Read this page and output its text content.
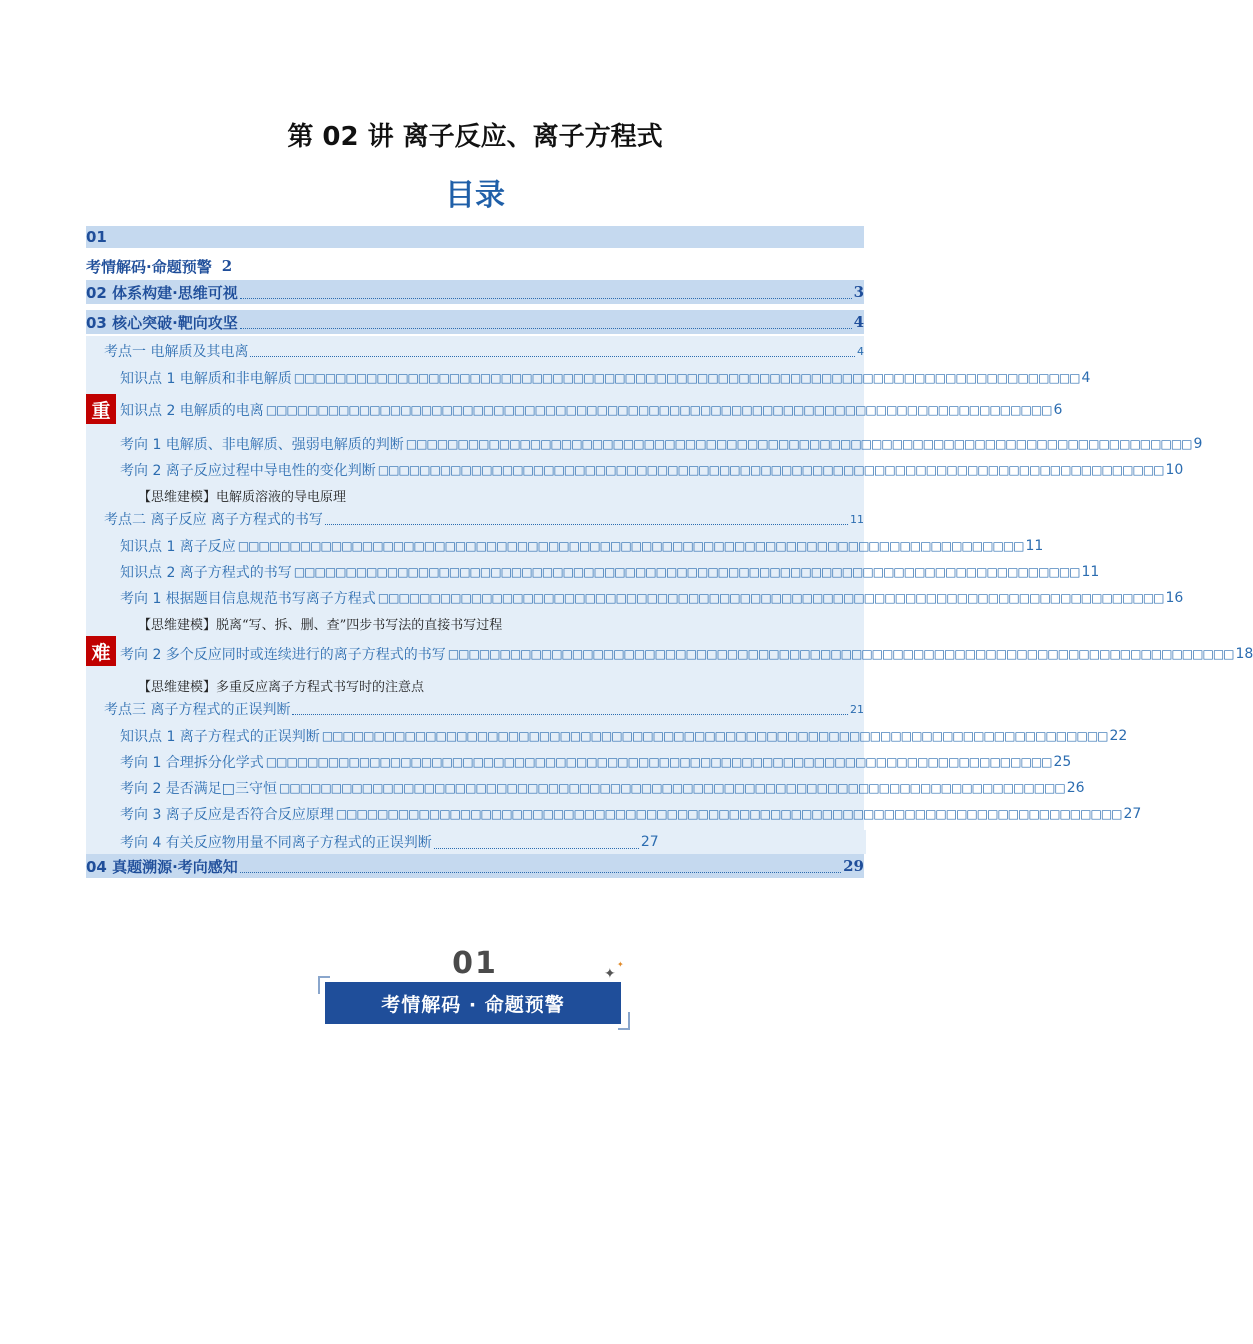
第 02 讲 离子反应、离子方程式
目录
01
考情解码·命题预警 2
02 体系构建·思维可视	3
03 核心突破·靶向攻坚	4
考点一 电解质及其电离	4
知识点 1 电解质和非电解质 □□□□□□□□□□□□□□□□□□□□□□□□□□□□□□□□□□□□□□□□□□□□□□□□□□□□□□□□□□□□□□□□□□□□□□□□□□□□ 4
知识点 2 电解质的电离 □□□□□□□□□□□□□□□□□□□□□□□□□□□□□□□□□□□□□□□□□□□□□□□□□□□□□□□□□□□□□□□□□□□□□□□□□□□□ 6
考向 1 电解质、非电解质、强弱电解质的判断 □□□□□□□□□□□□□□□□□□□□□□□□□□□□□□□□□□□□□□□□□□□□□□□□□□□□□□□□□□□□□□□□□□□□□□□□□□□□ 9
考向 2 离子反应过程中导电性的变化判断 □□□□□□□□□□□□□□□□□□□□□□□□□□□□□□□□□□□□□□□□□□□□□□□□□□□□□□□□□□□□□□□□□□□□□□□□□□□□ 10
【思维建模】电解质溶液的导电原理
考点二 离子反应 离子方程式的书写	11
知识点 1 离子反应 □□□□□□□□□□□□□□□□□□□□□□□□□□□□□□□□□□□□□□□□□□□□□□□□□□□□□□□□□□□□□□□□□□□□□□□□□□□□ 11
知识点 2 离子方程式的书写 □□□□□□□□□□□□□□□□□□□□□□□□□□□□□□□□□□□□□□□□□□□□□□□□□□□□□□□□□□□□□□□□□□□□□□□□□□□□ 11
考向 1 根据题目信息规范书写离子方程式 □□□□□□□□□□□□□□□□□□□□□□□□□□□□□□□□□□□□□□□□□□□□□□□□□□□□□□□□□□□□□□□□□□□□□□□□□□□□ 16
【思维建模】脱离“写、拆、删、查”四步书写法的直接书写过程
考向 2 多个反应同时或连续进行的离子方程式的书写 □□□□□□□□□□□□□□□□□□□□□□□□□□□□□□□□□□□□□□□□□□□□□□□□□□□□□□□□□□□□□□□□□□□□□□□□□□□□ 18
【思维建模】多重反应离子方程式书写时的注意点
考点三 离子方程式的正误判断	21
知识点 1 离子方程式的正误判断 □□□□□□□□□□□□□□□□□□□□□□□□□□□□□□□□□□□□□□□□□□□□□□□□□□□□□□□□□□□□□□□□□□□□□□□□□□□□ 22
考向 1 合理拆分化学式 □□□□□□□□□□□□□□□□□□□□□□□□□□□□□□□□□□□□□□□□□□□□□□□□□□□□□□□□□□□□□□□□□□□□□□□□□□□□ 25
考向 2 是否满足□三守恒 □□□□□□□□□□□□□□□□□□□□□□□□□□□□□□□□□□□□□□□□□□□□□□□□□□□□□□□□□□□□□□□□□□□□□□□□□□□□ 26
考向 3 离子反应是否符合反应原理 □□□□□□□□□□□□□□□□□□□□□□□□□□□□□□□□□□□□□□□□□□□□□□□□□□□□□□□□□□□□□□□□□□□□□□□□□□□□ 27
考向 4 有关反应物用量不同离子方程式的正误判断	27
04 真题溯源·考向感知	29
重
难
01	✦
✦
考情解码 · 命题预警
